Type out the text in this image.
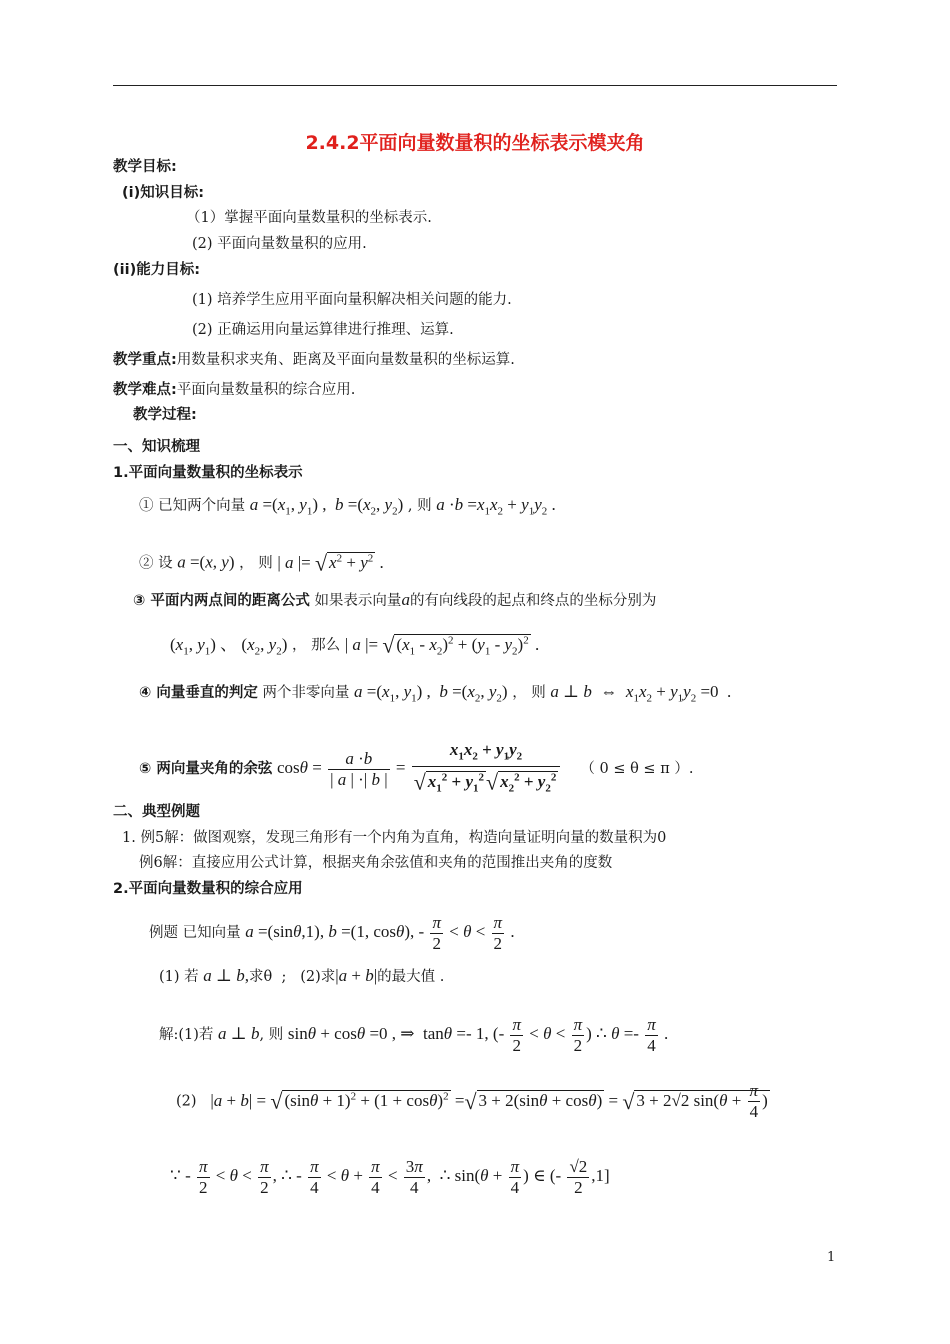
2.4.2平面向量数量积的坐标表示模夹角
教学目标:
(i)知识目标:
（1）掌握平面向量数量积的坐标表示.
(2) 平面向量数量积的应用.
(ii)能力目标:
(1) 培养学生应用平面向量积解决相关问题的能力.
(2) 正确运用向量运算律进行推理、运算.
教学重点:用数量积求夹角、距离及平面向量数量积的坐标运算.
教学难点:平面向量数量积的综合应用.
教学过程:
一、知识梳理
1.平面向量数量积的坐标表示
① 已知两个向量 $a =(x_1$, $y_1$) ,  $b =(x_2$, $y_2$) , 则 $a \cdot b =x_1x_2 + y_1y_2$ .
② 设 a =(x, y) ， 则 | a |= √ $x^2 + y^2$ .
③ 平面内两点间的距离公式 如果表示向量a的有向线段的起点和终点的坐标分别为
($x_1$, $y_1$) 、 ($x_2$, $y_2$) ， 那么 | a |= √ $(x_1 - x_2)^2 + (y_1 - y_2)^2$ .
④ 向量垂直的判定 两个非零向量 $a =(x_1$, $y_1$) ,  $b =(x_2$, $y_2$) ， 则 a ⊥ b  ⇔  $x_1x_2 + y_1y_2 =0$  .
⑤ 两向量夹角的余弦 $\cos\theta = \frac{a \cdot b}{| a | \cdot| b |} = \frac{x_1x_2 + y_1y_2}{√ x_1^2 + y_1^2√ x_2^2 + y_2^2}$ （ 0 ≤ θ ≤ π ）.
二、典型例题
1. 例5解：做图观察，发现三角形有一个内角为直角，构造向量证明向量的数量积为0
例6解：直接应用公式计算，根据夹角余弦值和夹角的范围推出夹角的度数
2.平面向量数量积的综合应用
例题 已知向量 a =(sinθ,1), b =(1, cosθ), - $\frac{\pi}{2} < \theta < \frac{\pi}{2}$ .
(1) 若 a ⊥ b,求θ  ;   (2)求|a + b|的最大值 .
解:(1)若 a ⊥ b, 则 sinθ + cosθ =0 , ⇒  tanθ =- 1, (- $\frac{\pi}{2} < \theta < \frac{\pi}{2}$ ) ∴ $\theta =- \frac{\pi}{4}$ .
(2) |a + b| = √ $(\sin\theta + 1)^2 + (1 + \cos\theta)^2$ =√ 3 + 2(sinθ + cosθ) = √ 3 + 2√2 $\sin(\theta + \frac{\pi}{4}$ )
∵ - $\frac{\pi}{2} < \theta < \frac{\pi}{2}$ , ∴ - $\frac{\pi}{4} < \theta + \frac{\pi}{4} < \frac{3\pi}{4}$ ,  ∴ $\sin(\theta + \frac{\pi}{4}$ ) ∈ (- $\frac{√2}{2} ,1$]
1
